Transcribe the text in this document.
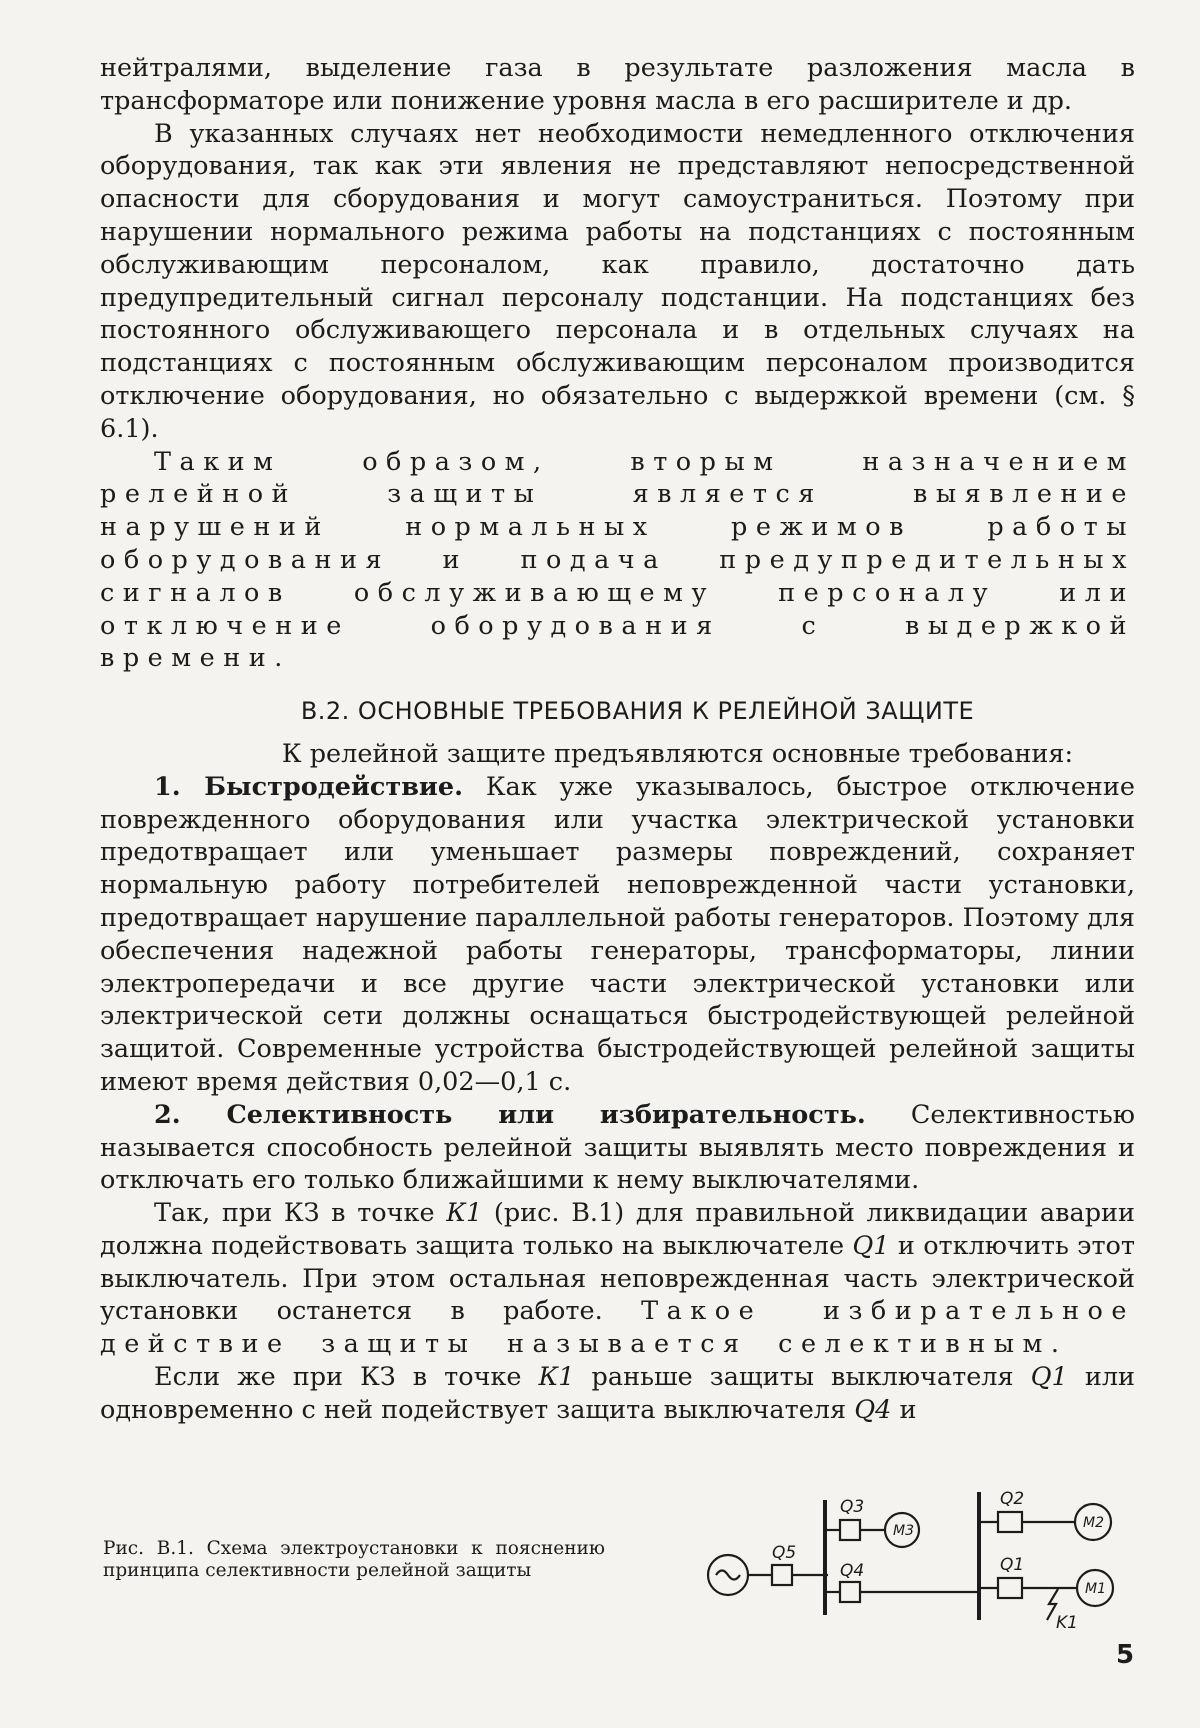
нейтралями, выделение газа в результате разложения масла в трансформаторе или понижение уровня масла в его расширителе и др.

В указанных случаях нет необходимости немедленного отключения оборудования, так как эти явления не представляют непосредственной опасности для сборудования и могут самоустраниться. Поэтому при нарушении нормального режима работы на подстанциях с постоянным обслуживающим персоналом, как правило, достаточно дать предупредительный сигнал персоналу подстанции. На подстанциях без постоянного обслуживающего персонала и в отдельных случаях на подстанциях с постоянным обслуживающим персоналом производится отключение оборудования, но обязательно с выдержкой времени (см. § 6.1).

Таким образом, вторым назначением релейной защиты является выявление нарушений нормальных режимов работы оборудования и подача предупредительных сигналов обслуживающему персоналу или отключение оборудования с выдержкой времени.

В.2. ОСНОВНЫЕ ТРЕБОВАНИЯ К РЕЛЕЙНОЙ ЗАЩИТЕ

К релейной защите предъявляются основные требования:

1. Быстродействие. Как уже указывалось, быстрое отключение поврежденного оборудования или участка электрической установки предотвращает или уменьшает размеры повреждений, сохраняет нормальную работу потребителей неповрежденной части установки, предотвращает нарушение параллельной работы генераторов. Поэтому для обеспечения надежной работы генераторы, трансформаторы, линии электропередачи и все другие части электрической установки или электрической сети должны оснащаться быстродействующей релейной защитой. Современные устройства быстродействующей релейной защиты имеют время действия 0,02—0,1 с.

2. Селективность или избирательность. Селективностью называется способность релейной защиты выявлять место повреждения и отключать его только ближайшими к нему выключателями.

Так, при КЗ в точке К1 (рис. В.1) для правильной ликвидации аварии должна подействовать защита только на выключателе Q1 и отключить этот выключатель. При этом остальная неповрежденная часть электрической установки останется в работе. Такое избирательное действие защиты называется селективным.

Если же при КЗ в точке К1 раньше защиты выключателя Q1 или одновременно с ней подействует защита выключателя Q4 и

Рис. В.1. Схема электроустановки к пояснению принципа селективности релейной защиты
Q5
Q3
Q4
Q2
Q1
M3	M2
M1
K1
5
